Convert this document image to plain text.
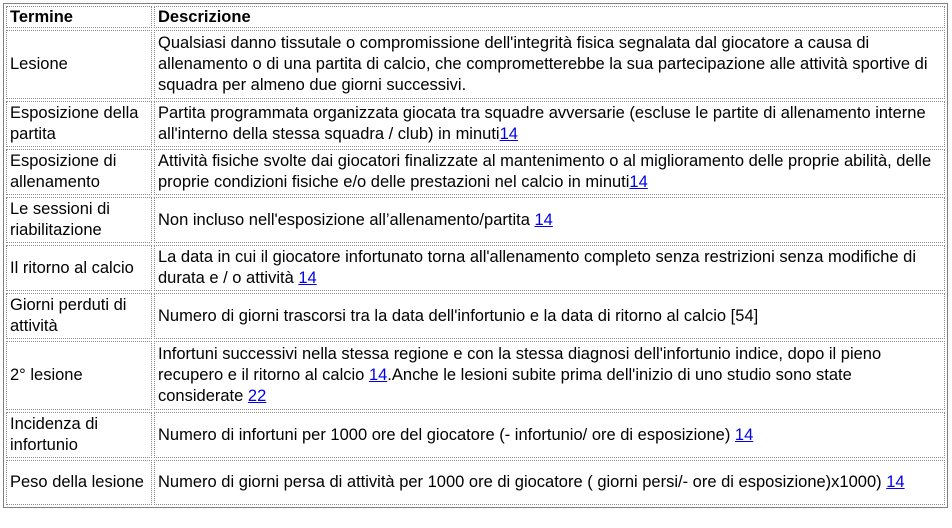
Termine	Descrizione
Lesione	Qualsiasi danno tissutale o compromissione dell'integrità fisica segnalata dal giocatore a causa di allenamento o di una partita di calcio, che comprometterebbe la sua partecipazione alle attività sportive di squadra per almeno due giorni successivi.
Esposizione della partita	Partita programmata organizzata giocata tra squadre avversarie (escluse le partite di allenamento interne all'interno della stessa squadra / club) in minuti14
Esposizione di allenamento	Attività fisiche svolte dai giocatori finalizzate al mantenimento o al miglioramento delle proprie abilità, delle proprie condizioni fisiche e/o delle prestazioni nel calcio in minuti14
Le sessioni di riabilitazione	Non incluso nell'esposizione all’allenamento/partita 14
Il ritorno al calcio	La data in cui il giocatore infortunato torna all'allenamento completo senza restrizioni senza modifiche di durata e / o attività 14
Giorni perduti di attività	Numero di giorni trascorsi tra la data dell'infortunio e la data di ritorno al calcio [54]
2° lesione	Infortuni successivi nella stessa regione e con la stessa diagnosi dell'infortunio indice, dopo il pieno recupero e il ritorno al calcio 14.Anche le lesioni subite prima dell'inizio di uno studio sono state considerate 22
Incidenza di infortunio	Numero di infortuni per 1000 ore del giocatore (- infortunio/ ore di esposizione) 14
Peso della lesione	Numero di giorni persa di attività per 1000 ore di giocatore ( giorni persi/- ore di esposizione)x1000) 14
